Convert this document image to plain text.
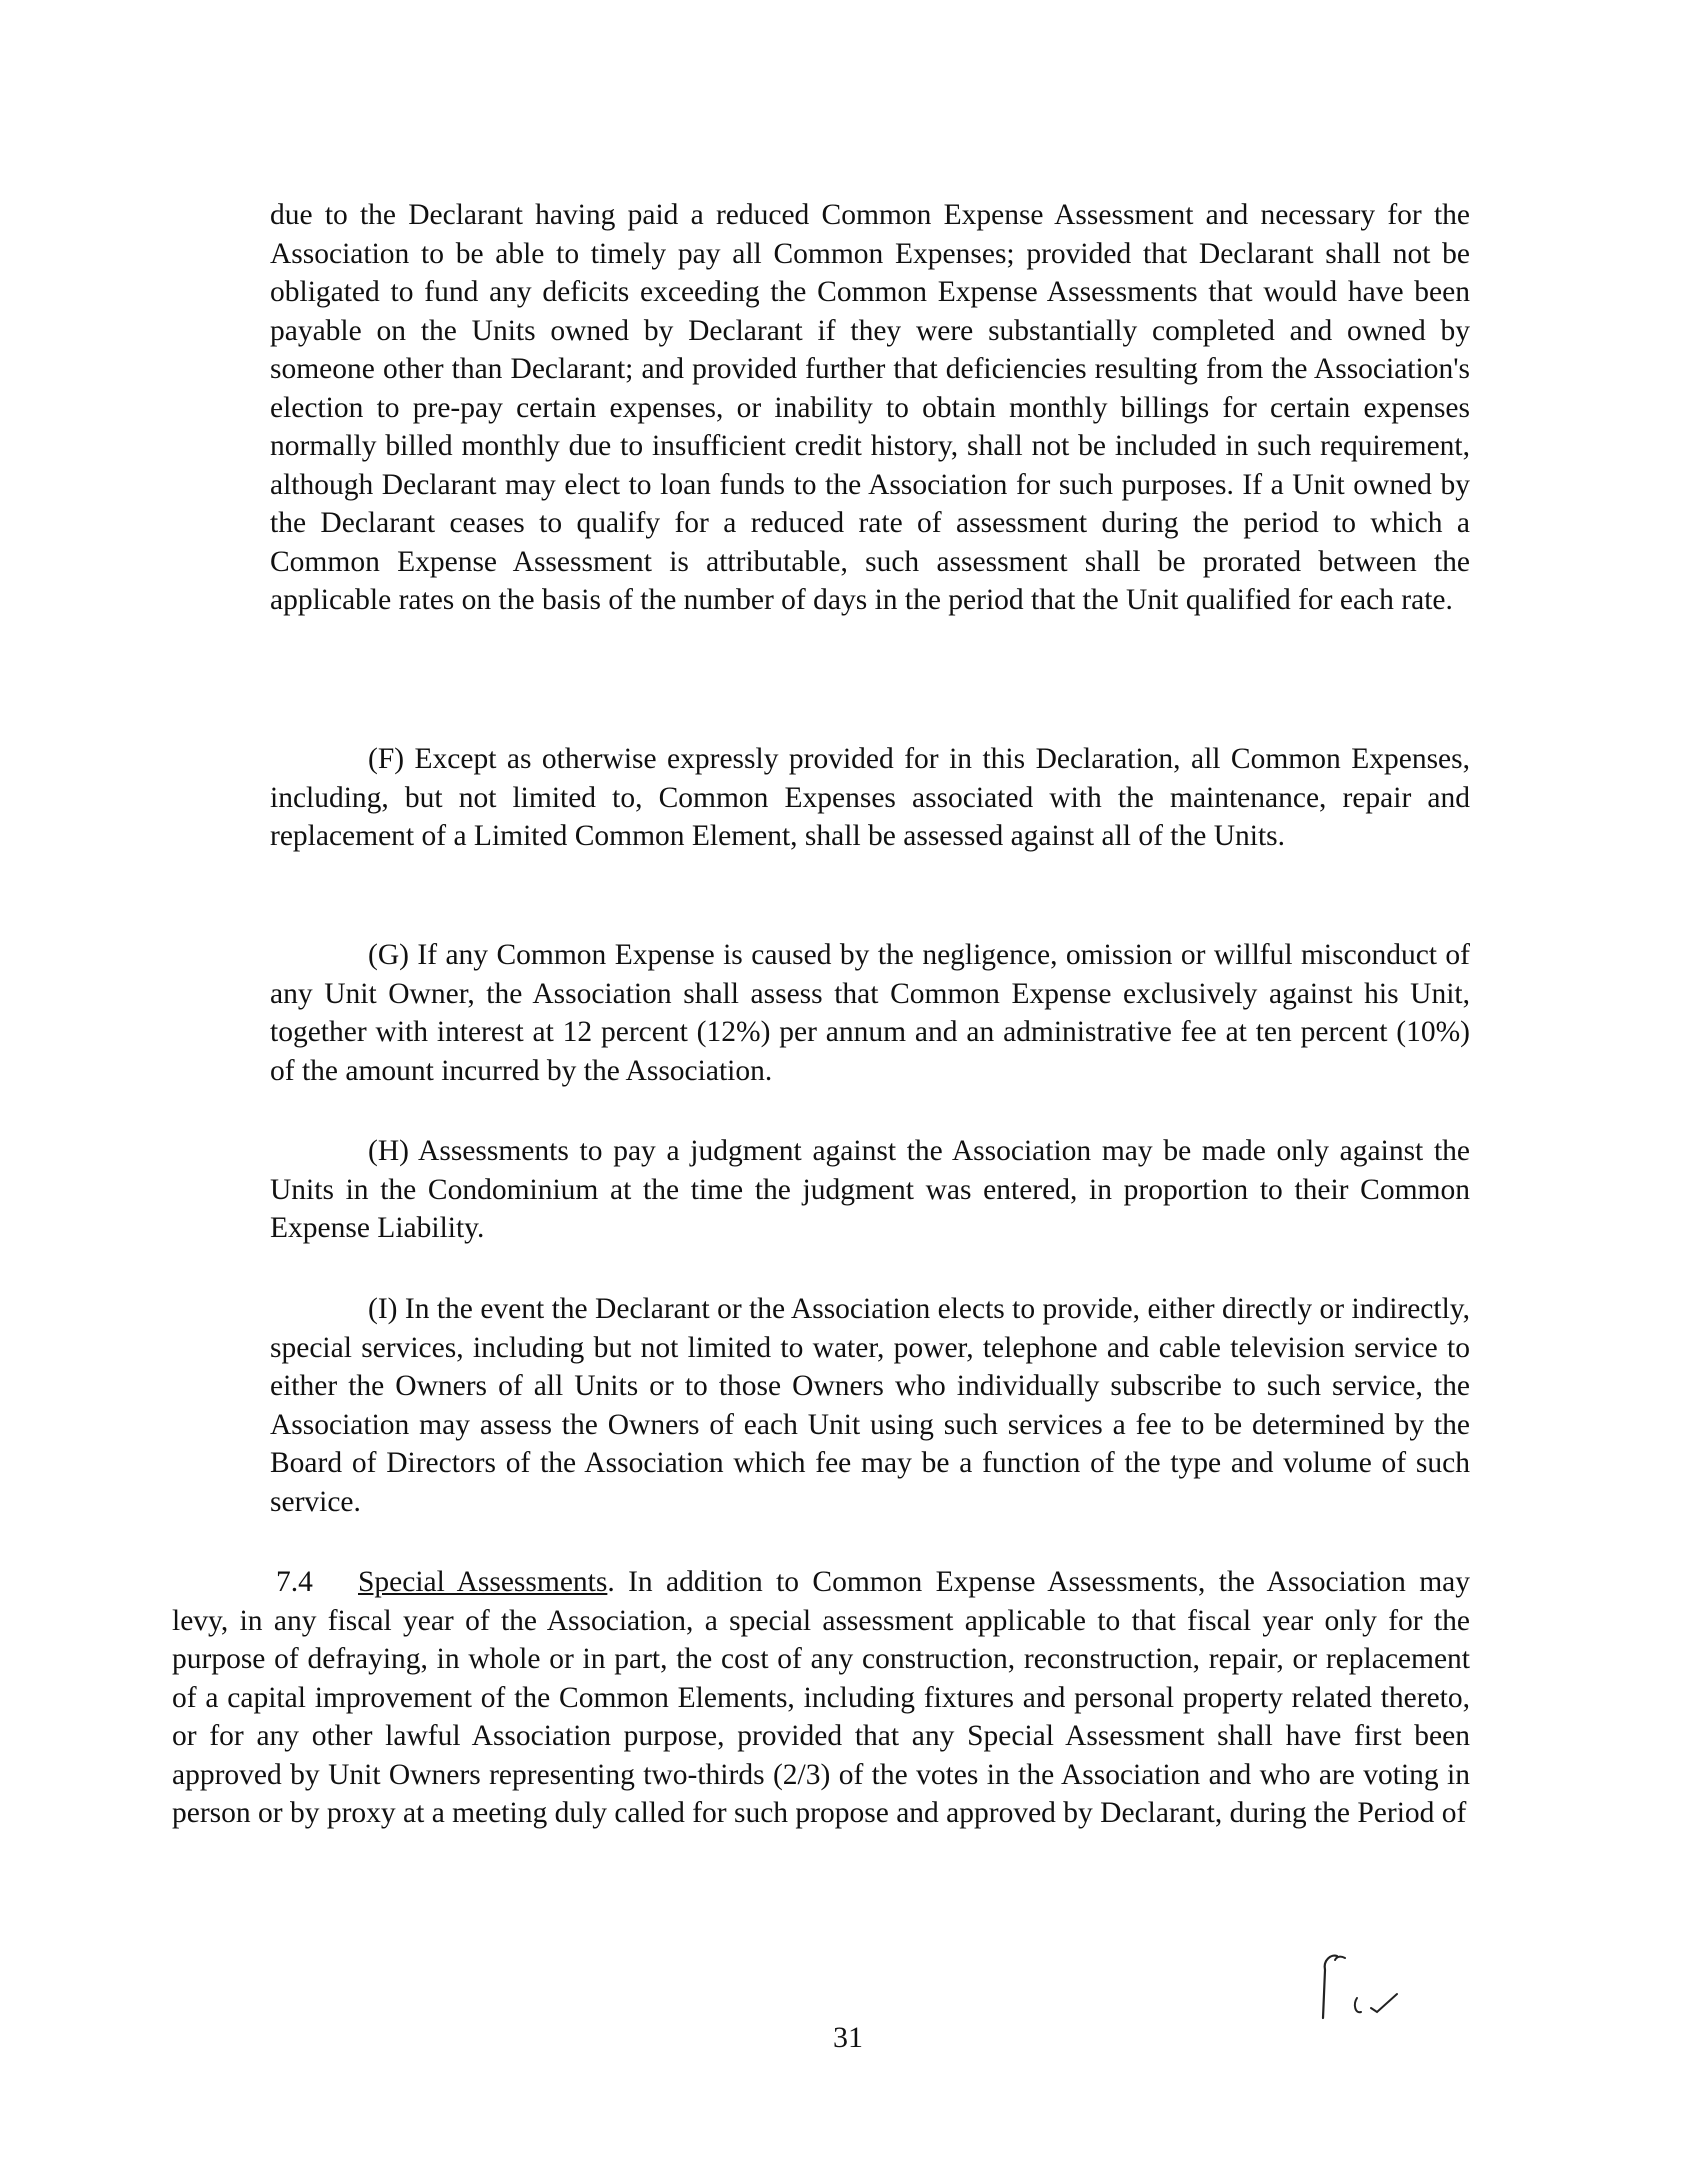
due to the Declarant having paid a reduced Common Expense Assessment and necessary for the Association to be able to timely pay all Common Expenses; provided that Declarant shall not be obligated to fund any deficits exceeding the Common Expense Assessments that would have been payable on the Units owned by Declarant if they were substantially completed and owned by someone other than Declarant; and provided further that deficiencies resulting from the Association's election to pre-pay certain expenses, or inability to obtain monthly billings for certain expenses normally billed monthly due to insufficient credit history, shall not be included in such requirement, although Declarant may elect to loan funds to the Association for such purposes. If a Unit owned by the Declarant ceases to qualify for a reduced rate of assessment during the period to which a Common Expense Assessment is attributable, such assessment shall be prorated between the applicable rates on the basis of the number of days in the period that the Unit qualified for each rate.

(F) Except as otherwise expressly provided for in this Declaration, all Common Expenses, including, but not limited to, Common Expenses associated with the maintenance, repair and replacement of a Limited Common Element, shall be assessed against all of the Units.

(G) If any Common Expense is caused by the negligence, omission or willful misconduct of any Unit Owner, the Association shall assess that Common Expense exclusively against his Unit, together with interest at 12 percent (12%) per annum and an administrative fee at ten percent (10%) of the amount incurred by the Association.

(H) Assessments to pay a judgment against the Association may be made only against the Units in the Condominium at the time the judgment was entered, in proportion to their Common Expense Liability.

(I) In the event the Declarant or the Association elects to provide, either directly or indirectly, special services, including but not limited to water, power, telephone and cable television service to either the Owners of all Units or to those Owners who individually subscribe to such service, the Association may assess the Owners of each Unit using such services a fee to be determined by the Board of Directors of the Association which fee may be a function of the type and volume of such service.

7.4 Special Assessments. In addition to Common Expense Assessments, the Association may levy, in any fiscal year of the Association, a special assessment applicable to that fiscal year only for the purpose of defraying, in whole or in part, the cost of any construction, reconstruction, repair, or replacement of a capital improvement of the Common Elements, including fixtures and personal property related thereto, or for any other lawful Association purpose, provided that any Special Assessment shall have first been approved by Unit Owners representing two-thirds (2/3) of the votes in the Association and who are voting in person or by proxy at a meeting duly called for such propose and approved by Declarant, during the Period of

31
